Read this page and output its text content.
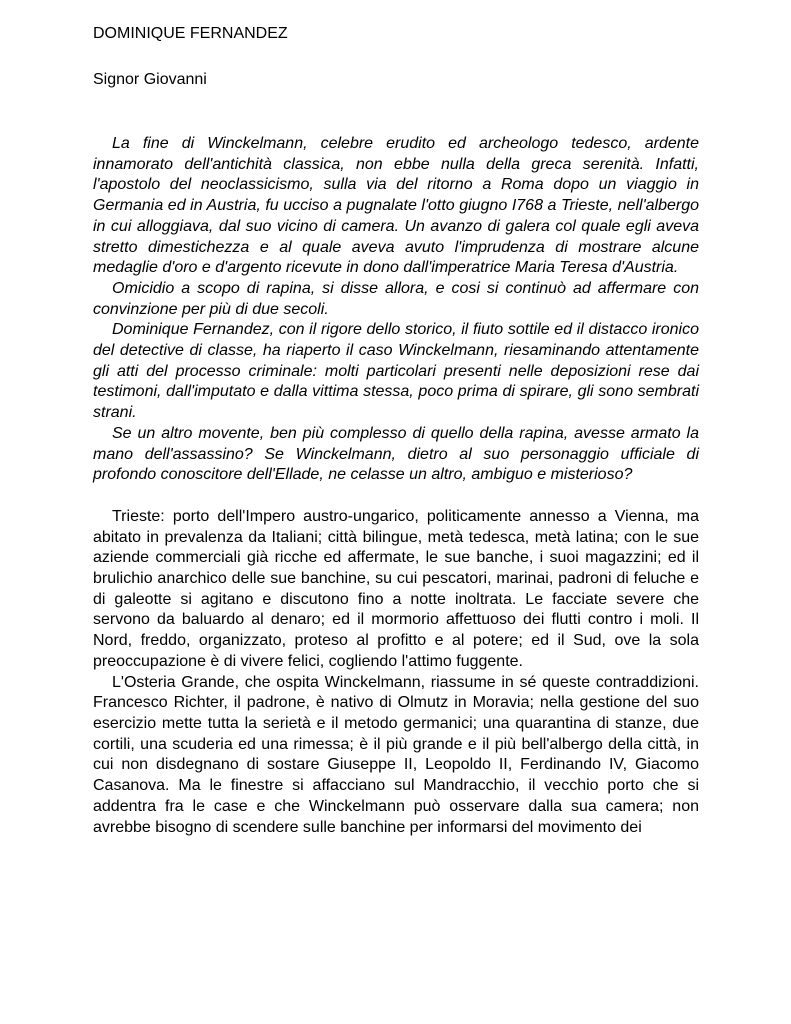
DOMINIQUE FERNANDEZ

Signor Giovanni

La fine di Winckelmann, celebre erudito ed archeologo tedesco, ardente innamorato dell'antichità classica, non ebbe nulla della greca serenità. Infatti, l'apostolo del neoclassicismo, sulla via del ritorno a Roma dopo un viaggio in Germania ed in Austria, fu ucciso a pugnalate l'otto giugno I768 a Trieste, nell'albergo in cui alloggiava, dal suo vicino di camera. Un avanzo di galera col quale egli aveva stretto dimestichezza e al quale aveva avuto l'imprudenza di mostrare alcune medaglie d'oro e d'argento ricevute in dono dall'imperatrice Maria Teresa d'Austria.

Omicidio a scopo di rapina, si disse allora, e cosi si continuò ad affermare con convinzione per più di due secoli.

Dominique Fernandez, con il rigore dello storico, il fiuto sottile ed il distacco ironico del detective di classe, ha riaperto il caso Winckelmann, riesaminando attentamente gli atti del processo criminale: molti particolari presenti nelle deposizioni rese dai testimoni, dall'imputato e dalla vittima stessa, poco prima di spirare, gli sono sembrati strani.

Se un altro movente, ben più complesso di quello della rapina, avesse armato la mano dell'assassino? Se Winckelmann, dietro al suo personaggio ufficiale di profondo conoscitore dell'Ellade, ne celasse un altro, ambiguo e misterioso?

Trieste: porto dell'Impero austro-ungarico, politicamente annesso a Vienna, ma abitato in prevalenza da Italiani; città bilingue, metà tedesca, metà latina; con le sue aziende commerciali già ricche ed affermate, le sue banche, i suoi magazzini; ed il brulichio anarchico delle sue banchine, su cui pescatori, marinai, padroni di feluche e di galeotte si agitano e discutono fino a notte inoltrata. Le facciate severe che servono da baluardo al denaro; ed il mormorio affettuoso dei flutti contro i moli. Il Nord, freddo, organizzato, proteso al profitto e al potere; ed il Sud, ove la sola preoccupazione è di vivere felici, cogliendo l'attimo fuggente.

L'Osteria Grande, che ospita Winckelmann, riassume in sé queste contraddizioni. Francesco Richter, il padrone, è nativo di Olmutz in Moravia; nella gestione del suo esercizio mette tutta la serietà e il metodo germanici; una quarantina di stanze, due cortili, una scuderia ed una rimessa; è il più grande e il più bell'albergo della città, in cui non disdegnano di sostare Giuseppe II, Leopoldo II, Ferdinando IV, Giacomo Casanova. Ma le finestre si affacciano sul Mandracchio, il vecchio porto che si addentra fra le case e che Winckelmann può osservare dalla sua camera; non avrebbe bisogno di scendere sulle banchine per informarsi del movimento dei
